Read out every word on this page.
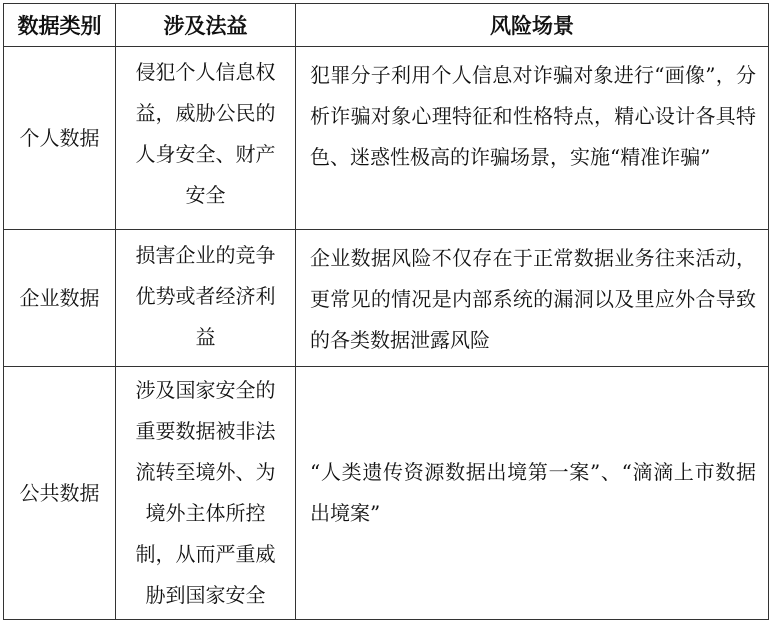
数据类别	涉及法益	风险场景
个人数据	侵犯个人信息权益，威胁公民的人身安全、财产安全	犯罪分子利用个人信息对诈骗对象进行“画像”，分析诈骗对象心理特征和性格特点，精心设计各具特色、迷惑性极高的诈骗场景，实施“精准诈骗”
企业数据	损害企业的竞争优势或者经济利益	企业数据风险不仅存在于正常数据业务往来活动，更常见的情况是内部系统的漏洞以及里应外合导致的各类数据泄露风险
公共数据	涉及国家安全的重要数据被非法流转至境外、为境外主体所控制，从而严重威胁到国家安全	“人类遗传资源数据出境第一案”、“滴滴上市数据出境案”
